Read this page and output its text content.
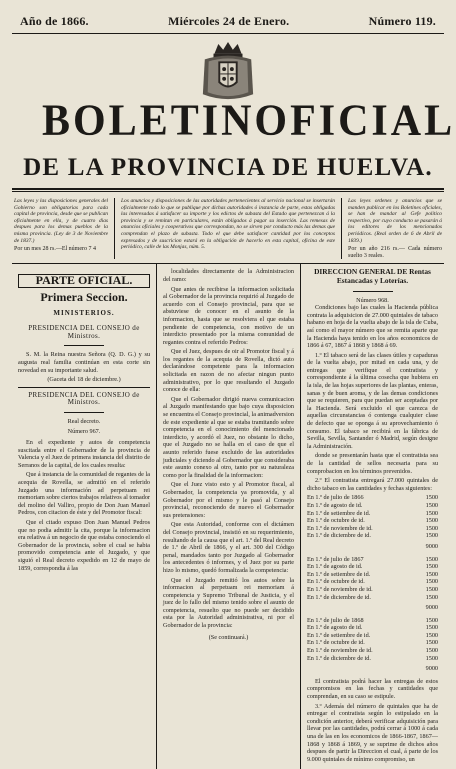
Año de 1866.	Miércoles 24 de Enero.	Número 119.
BOLETIN OFICIAL
DE LA PROVINCIA DE HUELVA.
Las leyes y las disposiciones generales del Gobierno son obligatorias para cada capital de provincia, desde que se publican oficialmente en ella, y de cuatro dias despues para los demas pueblos de la misma provincia. (Ley de 3 de Noviembre de 1837.)
Por un mes 28 rs.—El número 7 4
Los anuncios y disposiciones de las autoridades pertenecientes al servicio nacional se insertarán oficialmente todo lo que se publique por dichas autoridades ó instancia de parte, estas obligadas las interesadas á satisfacer su importe y los edictos de subasta del Estado que pertenezcan á la provincia y se remitan en particulares, están obligados á pagar su inserción. Las remesas de anuncios oficiales y cooperativos que correspondan, no se sirven por conducto más las demas que comprendan el plazo de subasta. Todo el que debe satisfacer cantidad por los conceptos expresados y de suscricion estará en la obligación de hacerlo en esta capital, oficina de este periódico, calle de las Monjas, núm. 5.
Las leyes ordenes y anuncios que se manden publicar en los Boletines oficiales, se han de mandar al Gefe político respectivo, por cuyo conducto se pasarán á los editores de los mencionados periódicos. (Real orden de 6 de Abril de 1839.)
Por un año 216 rs.— Cada número suelto 3 reales.
PARTE OFICIAL.
Primera Seccion.
MINISTERIOS.
PRESIDENCIA DEL CONSEJO de Ministros.

S. M. la Reina nuestra Señora (Q. D. G.) y su augusta real familia continúan en esta corte sin novedad en su importante salud.

(Gaceta del 18 de diciembre.)
PRESIDENCIA DEL CONSEJO de Ministros.
Real decreto.
Número 967.

En el expediente y autos de competencia suscitada entre el Gobernador de la provincia de Valencia y el Juez de primera instancia del distrito de Serranos de la capital, de los cuales resulta:

Que á instancia de la comunidad de regantes de la acequia de Rovella, se admitió en el referido Juzgado una información ad perpetuam rei memoriam sobre ciertos trabajos relativos al tomador del molino del Valliro, propio de Don Juan Manuel Pedros, con citacion de éste y del Promotor fiscal:

Que el citado expuso Don Juan Manuel Pedros que no podia admitir la cita, porque la informacion era relativa á un negocio de que estaba conociendo el Gobernador de la provincia, sobre el cual se habia promovido competencia ante el Juzgado, y que siguió el Real decreto expedido en 12 de mayo de 1859, correspondia á las

localidades directamente de la Administracion del ramo:

Que antes de recibirse la informacion solicitada al Gobernador de la provincia requirió al Juzgado de acuerdo con el Consejo provincial, para que se abstuviese de conocer en el asunto de la informacion, hasta que se resolviera el que estaba pendiente de competencia, con motivo de un interdicto presentado por la misma comunidad de regantes contra el referido Pedros:

Que el Juez, despues de oir al Promotor fiscal y á los regantes de la acequia de Rovella, dictó auto declarándose competente para la informacion solicitada en razon de no afectar ningun punto administrativo, por lo que resultando el Juzgado conoce de ella:

Que el Gobernador dirigió nueva comunicacion al Juzgado manifestando que bajo cuya disposicion se encuentra el Consejo provincial, la animadversion de este expediente al que se estaba tramitando sobre competencia en el conocimiento del mencionado interdicto, y acordó el Juez, no obstante lo dicho, que el Juzgado no se halla en el caso de que el asunto referido fuese excluido de las autoridades judiciales y diciendo al Gobernador que consideraba este asunto conexo al otro, tanto por su naturaleza como por la finalidad de la informacion:

Que el Juez visto esto y al Promotor fiscal, al Gobernador, la competencia ya promovida, y al Gobernador por el mismo y le pasó al Consejo provincial, reconociendo de nuevo el Gobernador sus pretensiones:

Que esta Autoridad, conforme con el dictámen del Consejo provincial, insistió en su requerimiento, resultando de la causa que el art. 1.º del Real decreto de 1.º de Abril de 1866, y el art. 300 del Código penal, mandados tanto por Juzgado al Gobernador los antecedentes ó informes, y el Juez por su parte hizo lo mismo, quedó formalizada la competencia:

Que el Juzgado remitió los autos sobre la informacion al perpetuam rei memoriam á competencia y Supremo Tribunal de Justicia, y el juez de lo fallo del mismo tenido sobre el asunto de competencia, resuelto que no puede ser decidido esta por la Autoridad administrativa, ni por el Gobernador de la provincia:

(Se continuará.)
DIRECCION GENERAL DE Rentas Estancadas y Loterías.
Número 968.

Condiciones bajo las cuales la Hacienda pública contrata la adquisicion de 27.000 quintales de tabaco habano en hoja de la vuelta abajo de la isla de Cuba, así como el mayor número que se remita aparte que la Hacienda haya tenido en los años economicos de 1866 á 67, 1867 á 1868 y 1868 á 69.

1.º El tabaco será de las clases útiles y capaduras de la vuelta abajo, por mitad en cada una, y de entregas que verifique el contratista y correspondiente á la última cosecha que hubiera en la isla, de las hojas superiores de las plantas, enteras, sanas y de buen aroma, y de las demas condiciones que se requieren, para que puedan ser aceptadas por la Hacienda. Será excluido el que carezca de aquellas circunstancias ó contenga cualquier clase de defecto que se oponga á su aprovechamiento ó consumo. El tabaco se recibirá en la fábrica de Sevilla, Sevilla, Santander ó Madrid, según designe la Administración.

donde se presentarán hasta que el contratista sea de la cantidad de sellos necesaria para su comprobacion en los términos prevenidos.

2.º El contratista entregará 27.000 quintales de dicho tabaco en las cantidades y fechas siguientes:

En 1.º de julio de 1866	1500
En 1.º de agosto de id.	1500
En 1.º de setiembre de id.	1500
En 1.º de octubre de id.	1500
En 1.º de noviembre de id.	1500
En 1.º de diciembre de id.	1500
9000
En 1.º de julio de 1867	1500
En 1.º de agosto de id.	1500
En 1.º de setiembre de id.	1500
En 1.º de octubre de id.	1500
En 1.º de noviembre de id.	1500
En 1.º de diciembre de id.	1500
9000
En 1.º de julio de 1868	1500
En 1.º de agosto de id.	1500
En 1.º de setiembre de id.	1500
En 1.º de octubre de id.	1500
En 1.º de noviembre de id.	1500
En 1.º de diciembre de id.	1500
9000

El contratista podrá hacer las entregas de estos compromisos en las fechas y cantidades que comprendan, en su caso se estipule.

3.º Además del número de quintales que ha de entregar el contratista según lo estipulado en la condición anterior, deberá verificar adquisición para llevar por las cantidades, podrá cerrar á 1000 á cada una de las en los economicos de 1866-1867, 1867—1868 y 1868 á 1869, y se suprime de dichos años despues de partir la Direccion el cual, á parte de los 9.000 quintales de mínimo compromiso, un
